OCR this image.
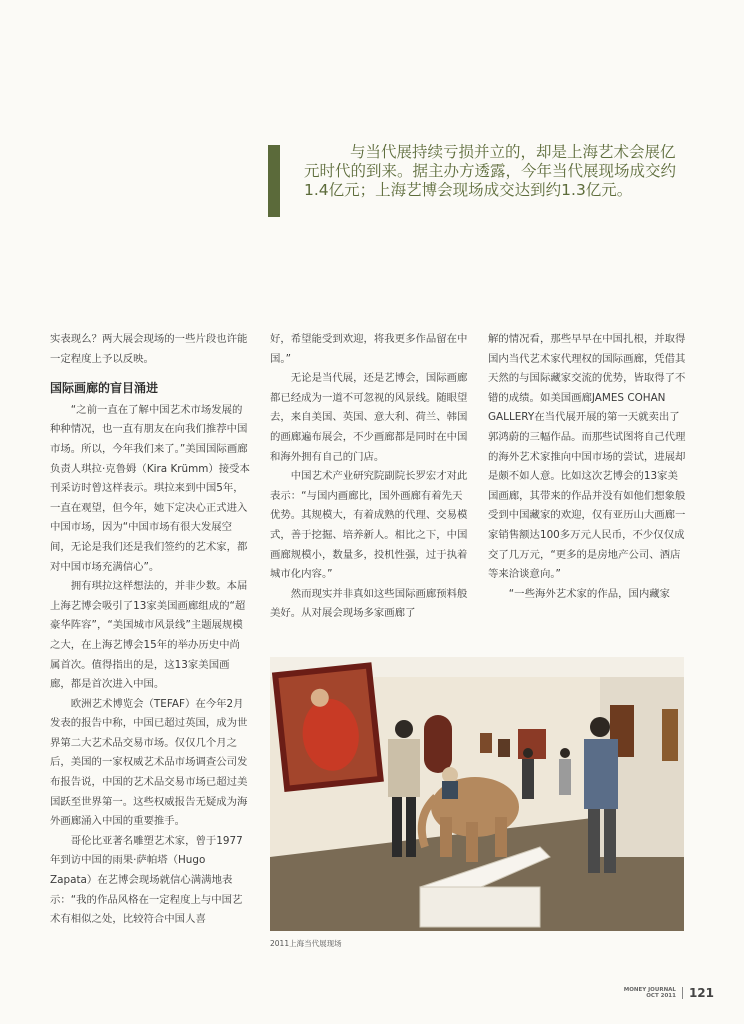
与当代展持续亏损并立的，却是上海艺术会展亿元时代的到来。据主办方透露，今年当代展现场成交约1.4亿元；上海艺博会现场成交达到约1.3亿元。

实表现么？两大展会现场的一些片段也许能一定程度上予以反映。

国际画廊的盲目涌进

“之前一直在了解中国艺术市场发展的种种情况，也一直有朋友在向我们推荐中国市场。所以，今年我们来了。”美国国际画廊负责人琪拉·克鲁姆（Kira Krümm）接受本刊采访时曾这样表示。琪拉来到中国5年，一直在观望，但今年，她下定决心正式进入中国市场，因为“中国市场有很大发展空间，无论是我们还是我们签约的艺术家，都对中国市场充满信心”。

拥有琪拉这样想法的，并非少数。本届上海艺博会吸引了13家美国画廊组成的“超豪华阵容”，“美国城市风景线”主题展规模之大，在上海艺博会15年的举办历史中尚属首次。值得指出的是，这13家美国画廊，都是首次进入中国。

欧洲艺术博览会（TEFAF）在今年2月发表的报告中称，中国已超过英国，成为世界第二大艺术品交易市场。仅仅几个月之后，美国的一家权威艺术品市场调查公司发布报告说，中国的艺术品交易市场已超过美国跃至世界第一。这些权威报告无疑成为海外画廊涌入中国的重要推手。

哥伦比亚著名雕塑艺术家，曾于1977年到访中国的雨果·萨帕塔（Hugo Zapata）在艺博会现场就信心满满地表示：“我的作品风格在一定程度上与中国艺术有相似之处，比较符合中国人喜

好，希望能受到欢迎，将我更多作品留在中国。”

无论是当代展，还是艺博会，国际画廊都已经成为一道不可忽视的风景线。随眼望去，来自美国、英国、意大利、荷兰、韩国的画廊遍布展会，不少画廊都是同时在中国和海外拥有自己的门店。

中国艺术产业研究院副院长罗宏才对此表示：“与国内画廊比，国外画廊有着先天优势。其规模大，有着成熟的代理、交易模式，善于挖掘、培养新人。相比之下，中国画廊规模小，数量多，投机性强，过于执着城市化内容。”

然而现实并非真如这些国际画廊预料般美好。从对展会现场多家画廊了

解的情况看，那些早早在中国扎根，并取得国内当代艺术家代理权的国际画廊，凭借其天然的与国际藏家交流的优势，皆取得了不错的成绩。如美国画廊JAMES COHAN GALLERY在当代展开展的第一天就卖出了郭鸿蔚的三幅作品。而那些试图将自己代理的海外艺术家推向中国市场的尝试，进展却是颇不如人意。比如这次艺博会的13家美国画廊，其带来的作品并没有如他们想象般受到中国藏家的欢迎，仅有亚历山大画廊一家销售额达100多万元人民币，不少仅仅成交了几万元，“更多的是房地产公司、酒店等来洽谈意向。”

“一些海外艺术家的作品，国内藏家

2011上海当代展现场
MONEY JOURNAL
OCT 2011 121
